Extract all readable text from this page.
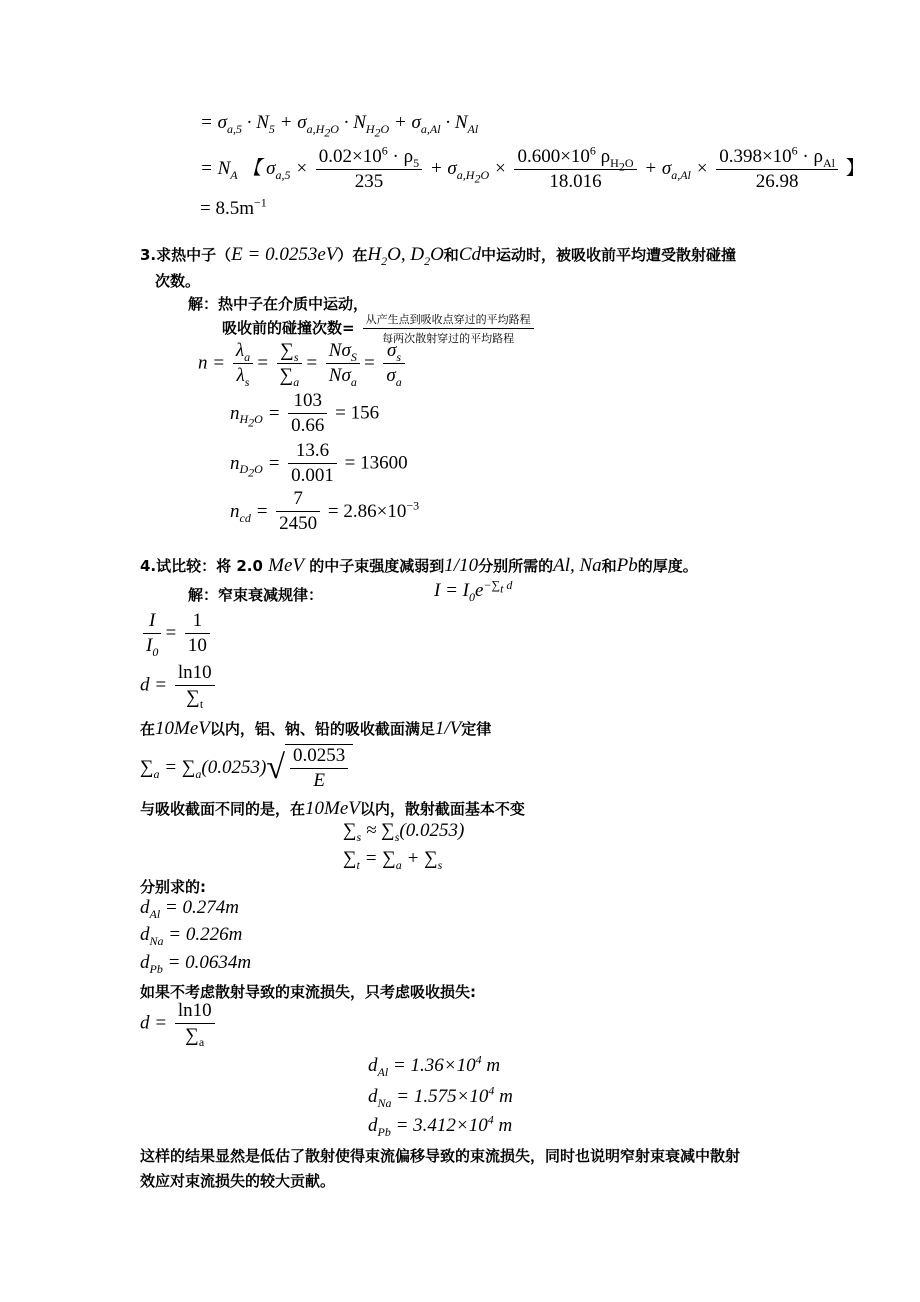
= $\sigma_{a,5} \cdot N_5 + \sigma_{a,H_2O} \cdot N_{H_2O} + \sigma_{a,Al} \cdot N_{Al}$
= $N_A$ 【 $\sigma_{a,5} \times \frac{0.02\times 10^6 \cdot \rho_5}{235} + \sigma_{a,H_2O} \times \frac{0.600\times 10^6 \rho_{H_2O}}{18.016} + \sigma_{a,Al} \times \frac{0.398\times 10^6 \cdot \rho_{Al}}{26.98}$ 】
= $8.5m^{-1}$
3.求热中子（E = 0.0253eV）在$H_2O$, $D_2O$和Cd中运动时，被吸收前平均遭受散射碰撞
次数。
解：热中子在介质中运动，
吸收前的碰撞次数= $\frac{\text{从产生点到吸收点穿过的平均路程}}{\text{每两次散射穿过的平均路程}}$
$n = \frac{\lambda_a}{\lambda_s} = \frac{\sum_s}{\sum_a} = \frac{N\sigma_S}{N\sigma_a} = \frac{\sigma_s}{\sigma_a}$
$n_{H_2O} = \frac{103}{0.66} = 156$
$n_{D_2O} = \frac{13.6}{0.001} = 13600$
$n_{cd} = \frac{7}{2450} = 2.86\times 10^{-3}$
4.试比较：将 2.0 MeV 的中子束强度减弱到1/10分别所需的Al, Na和Pb的厚度。
解：窄束衰减规律：	$I = I_0e^{-\sum_t d}$
$\frac{I}{I_0} = \frac{1}{10}$
$d = \frac{\ln 10}{\sum_t}$
在10MeV以内，铝、钠、铅的吸收截面满足1/V定律
$\sum_a = \sum_a(0.0253)√ \frac{0.0253}{E}$
与吸收截面不同的是，在10MeV以内，散射截面基本不变
$\sum_s \approx \sum_s(0.0253)$
$\sum_t = \sum_a + \sum_s$
分别求的:
$d_{Al} = 0.274m$
$d_{Na} = 0.226m$
$d_{Pb} = 0.0634m$
如果不考虑散射导致的束流损失，只考虑吸收损失:
$d = \frac{\ln 10}{\sum_a}$
$d_{Al} = 1.36\times 10^4$ m
$d_{Na} = 1.575\times 10^4$ m
$d_{Pb} = 3.412\times 10^4$ m
这样的结果显然是低估了散射使得束流偏移导致的束流损失，同时也说明窄射束衰减中散射
效应对束流损失的较大贡献。
